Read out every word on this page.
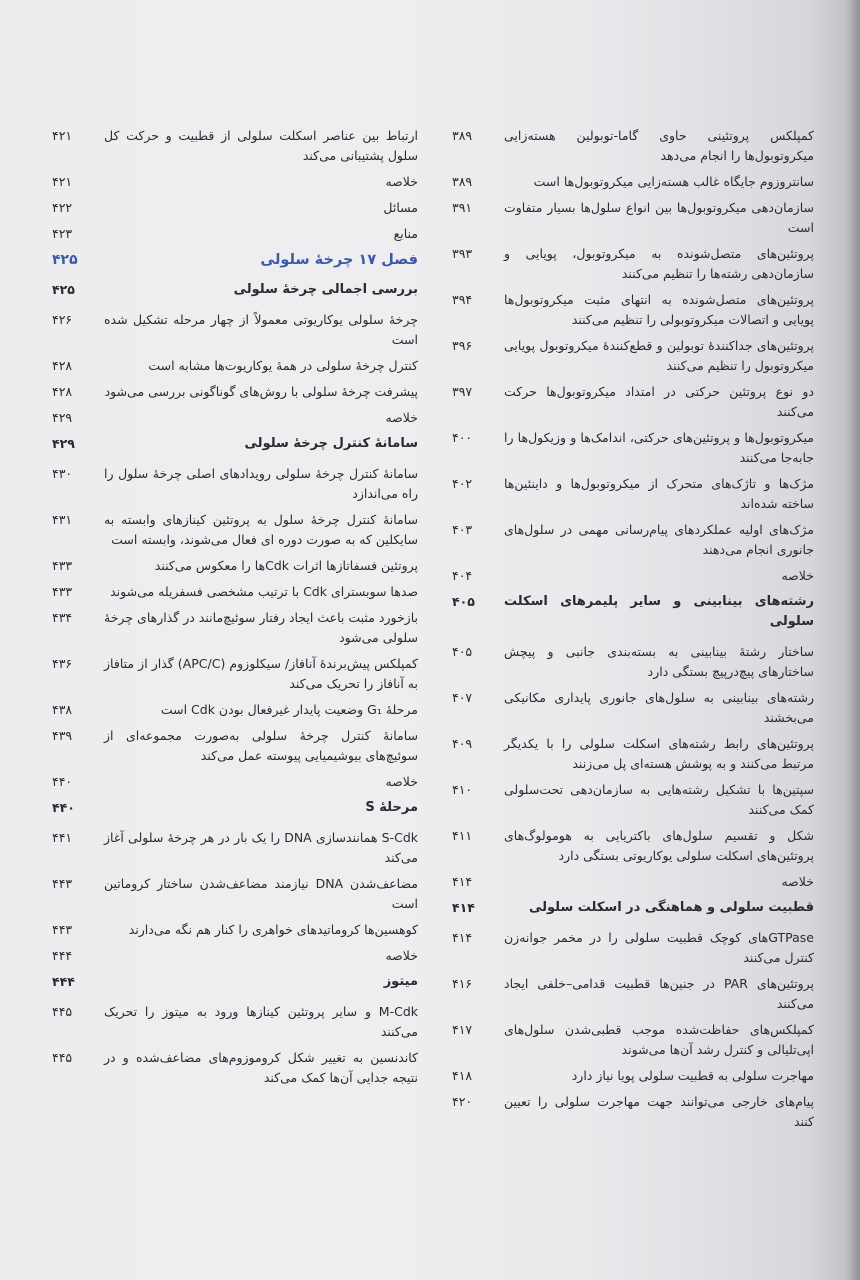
کمپلکس پروتئینی حاوی گاما-توبولین هسته‌زایی میکروتوبول‌ها را انجام می‌دهد
۳۸۹
سانتروزوم جایگاه غالب هسته‌زایی میکروتوبول‌ها است
۳۸۹
سازمان‌دهی میکروتوبول‌ها بین انواع سلول‌ها بسیار متفاوت است
۳۹۱
پروتئین‌های متصل‌شونده به میکروتوبول، پویایی و سازمان‌دهی رشته‌ها را تنظیم می‌کنند
۳۹۳
پروتئین‌های متصل‌شونده به انتهای مثبت میکروتوبول‌ها پویایی و اتصالات میکروتوبولی را تنظیم می‌کنند
۳۹۴
پروتئین‌های جداکنندهٔ توبولین و قطع‌کنندهٔ میکروتوبول پویایی میکروتوبول را تنظیم می‌کنند
۳۹۶
دو نوع پروتئین حرکتی در امتداد میکروتوبول‌ها حرکت می‌کنند
۳۹۷
میکروتوبول‌ها و پروتئین‌های حرکتی، اندامک‌ها و وزیکول‌ها را جابه‌جا می‌کنند
۴۰۰
مژک‌ها و تاژک‌های متحرک از میکروتوبول‌ها و داینئین‌ها ساخته شده‌اند
۴۰۲
مژک‌های اولیه عملکردهای پیام‌رسانی مهمی در سلول‌های جانوری انجام می‌دهند
۴۰۳
خلاصه
۴۰۴
رشته‌های بینابینی و سایر پلیمرهای اسکلت سلولی
۴۰۵
ساختار رشتهٔ بینابینی به بسته‌بندی جانبی و پیچش ساختارهای پیچ‌درپیچ بستگی دارد
۴۰۵
رشته‌های بینابینی به سلول‌های جانوری پایداری مکانیکی می‌بخشند
۴۰۷
پروتئین‌های رابط رشته‌های اسکلت سلولی را با یکدیگر مرتبط می‌کنند و به پوشش هسته‌ای پل می‌زنند
۴۰۹
سپتین‌ها با تشکیل رشته‌هایی به سازمان‌دهی تحت‌سلولی کمک می‌کنند
۴۱۰
شکل و تقسیم سلول‌های باکتریایی به هومولوگ‌های پروتئین‌های اسکلت سلولی یوکاریوتی بستگی دارد
۴۱۱
خلاصه
۴۱۴
قطبیت سلولی و هماهنگی در اسکلت سلولی
۴۱۴
GTPaseهای کوچک قطبیت سلولی را در مخمر جوانه‌زن کنترل می‌کنند
۴۱۴
پروتئین‌های PAR در جنین‌ها قطبیت قدامی–خلفی ایجاد می‌کنند
۴۱۶
کمپلکس‌های حفاظت‌شده موجب قطبی‌شدن سلول‌های اپی‌تلیالی و کنترل رشد آن‌ها می‌شوند
۴۱۷
مهاجرت سلولی به قطبیت سلولی پویا نیاز دارد
۴۱۸
پیام‌های خارجی می‌توانند جهت مهاجرت سلولی را تعیین کنند
۴۲۰
ارتباط بین عناصر اسکلت سلولی از قطبیت و حرکت کل سلول پشتیبانی می‌کند
۴۲۱
خلاصه
۴۲۱
مسائل
۴۲۲
منابع
۴۲۳
فصل ۱۷ چرخهٔ سلولی
۴۲۵
بررسی اجمالی چرخهٔ سلولی
۴۲۵
چرخهٔ سلولی یوکاریوتی معمولاً از چهار مرحله تشکیل شده است
۴۲۶
کنترل چرخهٔ سلولی در همهٔ یوکاریوت‌ها مشابه است
۴۲۸
پیشرفت چرخهٔ سلولی با روش‌های گوناگونی بررسی می‌شود
۴۲۸
خلاصه
۴۲۹
سامانهٔ کنترل چرخهٔ سلولی
۴۲۹
سامانهٔ کنترل چرخهٔ سلولی رویدادهای اصلی چرخهٔ سلول را راه می‌اندازد
۴۳۰
سامانهٔ کنترل چرخهٔ سلول به پروتئین کینازهای وابسته به سایکلین که به صورت دوره ای فعال می‌شوند، وابسته است
۴۳۱
پروتئین فسفاتازها اثرات Cdkها را معکوس می‌کنند
۴۳۳
صدها سوبسترای Cdk با ترتیب مشخصی فسفریله می‌شوند
۴۳۳
بازخورد مثبت باعث ایجاد رفتار سوئیچ‌مانند در گذارهای چرخهٔ سلولی می‌شود
۴۳۴
کمپلکس پیش‌برندهٔ آنافاز/ سیکلوزوم (APC/C) گذار از متافاز به آنافاز را تحریک می‌کند
۴۳۶
مرحلهٔ G₁ وضعیت پایدار غیرفعال بودن Cdk است
۴۳۸
سامانهٔ کنترل چرخهٔ سلولی به‌صورت مجموعه‌ای از سوئیچ‌های بیوشیمیایی پیوسته عمل می‌کند
۴۳۹
خلاصه
۴۴۰
مرحلهٔ S
۴۴۰
S-Cdk همانندسازی DNA را یک بار در هر چرخهٔ سلولی آغاز می‌کند
۴۴۱
مضاعف‌شدن DNA نیازمند مضاعف‌شدن ساختار کروماتین است
۴۴۳
کوهسین‌ها کروماتیدهای خواهری را کنار هم نگه می‌دارند
۴۴۳
خلاصه
۴۴۴
میتوز
۴۴۴
M-Cdk و سایر پروتئین کینازها ورود به میتوز را تحریک می‌کنند
۴۴۵
کاندنسین به تغییر شکل کروموزوم‌های مضاعف‌شده و در نتیجه جدایی آن‌ها کمک می‌کند
۴۴۵
